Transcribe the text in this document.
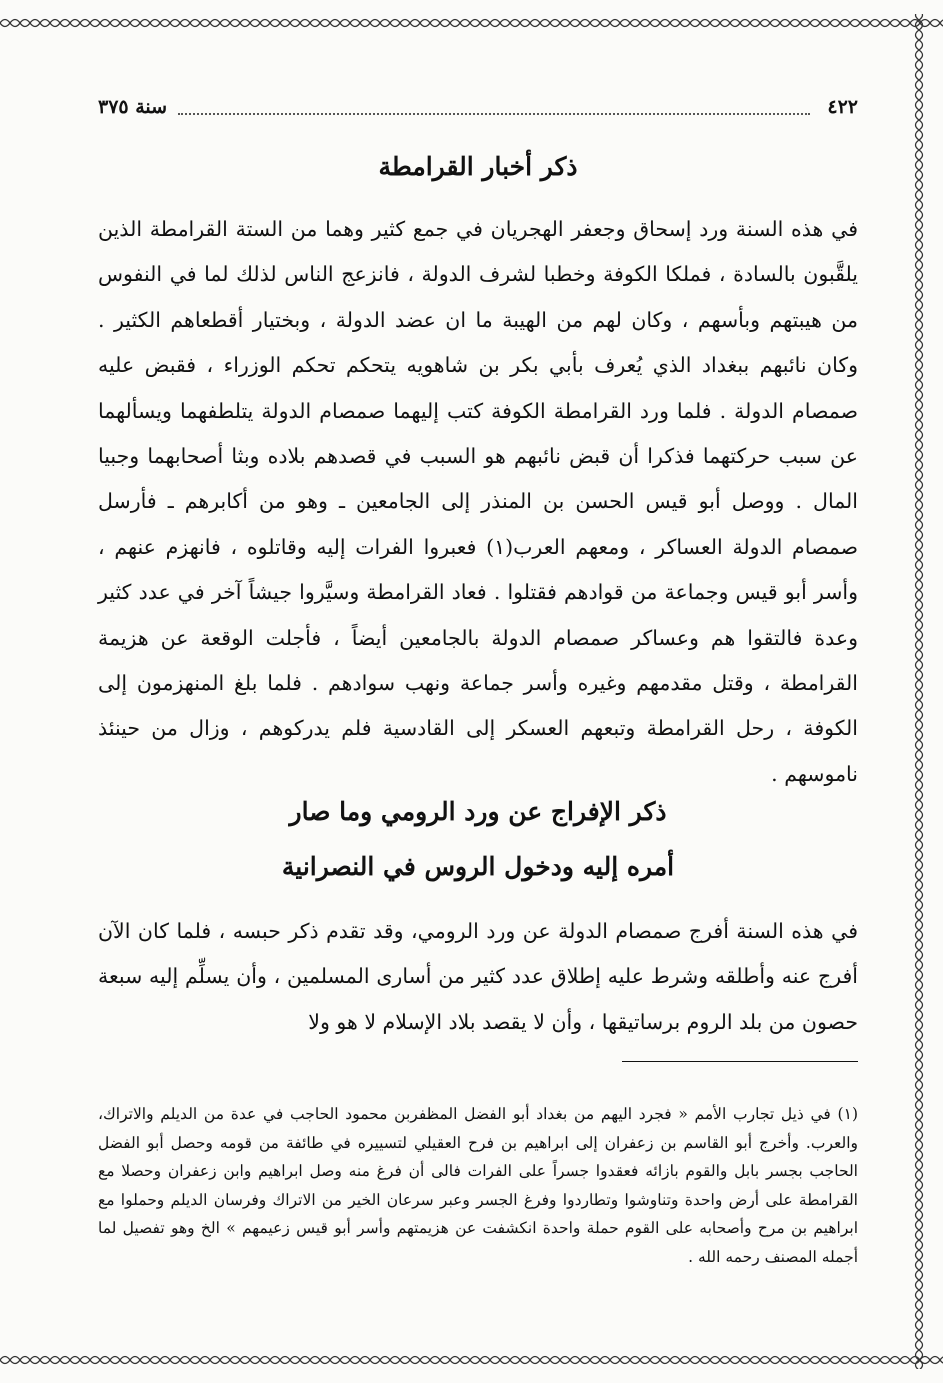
٤٢٢
سنة ٣٧٥
ذكر أخبار القرامطة

في هذه السنة ورد إسحاق وجعفر الهجريان في جمع كثير وهما من الستة القرامطة الذين يلقَّبون بالسادة ، فملكا الكوفة وخطبا لشرف الدولة ، فانزعج الناس لذلك لما في النفوس من هيبتهم وبأسهم ، وكان لهم من الهيبة ما ان عضد الدولة ، وبختيار أقطعاهم الكثير . وكان نائبهم ببغداد الذي يُعرف بأبي بكر بن شاهويه يتحكم تحكم الوزراء ، فقبض عليه صمصام الدولة . فلما ورد القرامطة الكوفة كتب إليهما صمصام الدولة يتلطفهما ويسألهما عن سبب حركتهما فذكرا أن قبض نائبهم هو السبب في قصدهم بلاده وبثا أصحابهما وجبيا المال . ووصل أبو قيس الحسن بن المنذر إلى الجامعين ـ وهو من أكابرهم ـ فأرسل صمصام الدولة العساكر ، ومعهم العرب(١) فعبروا الفرات إليه وقاتلوه ، فانهزم عنهم ، وأسر أبو قيس وجماعة من قوادهم فقتلوا . فعاد القرامطة وسيَّروا جيشاً آخر في عدد كثير وعدة فالتقوا هم وعساكر صمصام الدولة بالجامعين أيضاً ، فأجلت الوقعة عن هزيمة القرامطة ، وقتل مقدمهم وغيره وأسر جماعة ونهب سوادهم . فلما بلغ المنهزمون إلى الكوفة ، رحل القرامطة وتبعهم العسكر إلى القادسية فلم يدركوهم ، وزال من حينئذ ناموسهم .

ذكر الإفراج عن ورد الرومي وما صار
أمره إليه ودخول الروس في النصرانية

في هذه السنة أفرج صمصام الدولة عن ورد الرومي، وقد تقدم ذكر حبسه ، فلما كان الآن أفرج عنه وأطلقه وشرط عليه إطلاق عدد كثير من أسارى المسلمين ، وأن يسلِّم إليه سبعة حصون من بلد الروم برساتيقها ، وأن لا يقصد بلاد الإسلام لا هو ولا

(١) في ذيل تجارب الأمم « فجرد اليهم من بغداد أبو الفضل المظفربن محمود الحاجب في عدة من الديلم والاتراك، والعرب. وأخرج أبو القاسم بن زعفران إلى ابراهيم بن فرح العقيلي لتسييره في طائفة من قومه وحصل أبو الفضل الحاجب بجسر بابل والقوم بازائه فعقدوا جسراً على الفرات فالى أن فرغ منه وصل ابراهيم وابن زعفران وحصلا مع القرامطة على أرض واحدة وتناوشوا وتطاردوا وفرغ الجسر وعبر سرعان الخير من الاتراك وفرسان الديلم وحملوا مع ابراهيم بن مرح وأصحابه على القوم حملة واحدة انكشفت عن هزيمتهم وأسر أبو قيس زعيمهم » الخ وهو تفصيل لما أجمله المصنف رحمه الله .
